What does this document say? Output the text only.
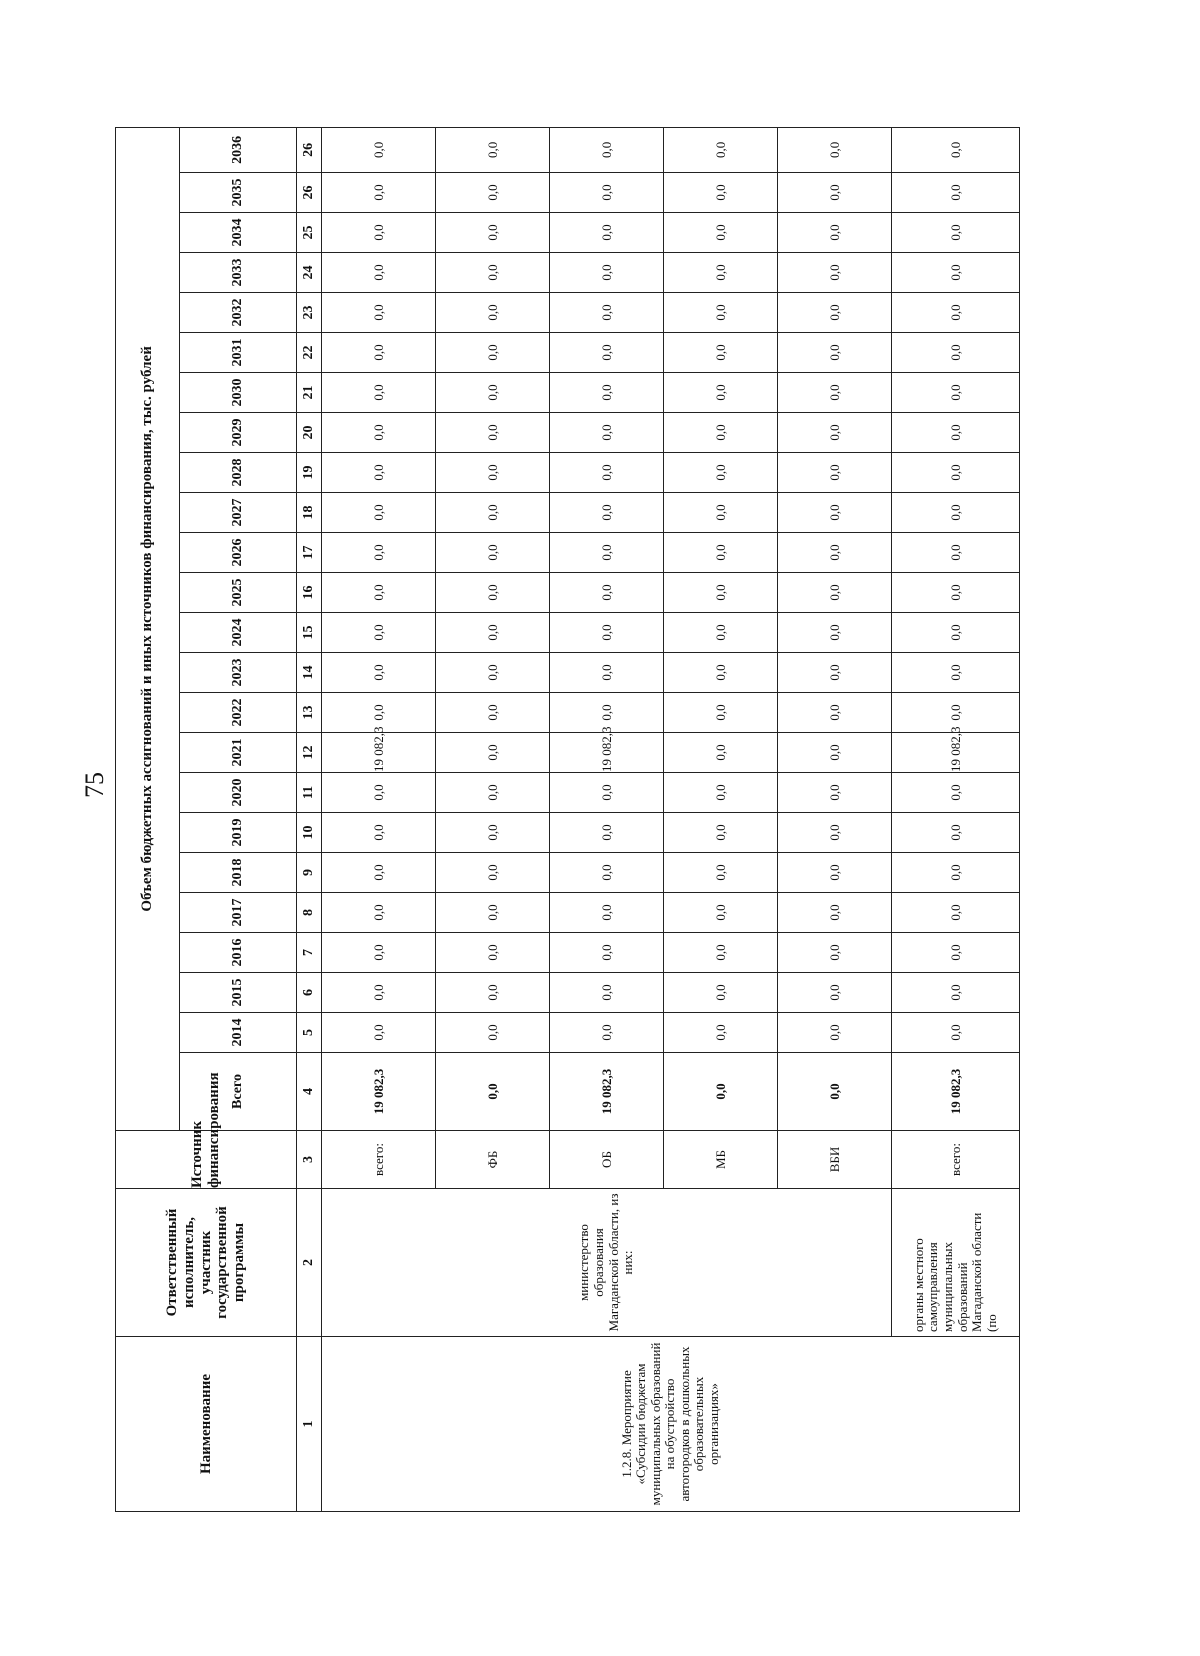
75
Наименование	Ответственный исполнитель, участник государственной программы	Источник финансирования	Объем бюджетных ассигнований и иных источников финансирования, тыс. рублей																							
			Всего	2014	2015	2016	2017	2018	2019	2020	2021	2022	2023	2024	2025	2026	2027	2028	2029	2030	2031	2032	2033	2034	2035	2036
1	2	3	4	5	6	7	8	9	10	11	12	13	14	15	16	17	18	19	20	21	22	23	24	25	26	26
1.2.8. Мероприятие «Субсидии бюджетам муниципальных образований на обустройство автогородков в дошкольных образовательных организациях»	министерство образования Магаданской области, из них:	всего:	19 082,3	0,0	0,0	0,0	0,0	0,0	0,0	0,0	19 082,3	0,0	0,0	0,0	0,0	0,0	0,0	0,0	0,0	0,0	0,0	0,0	0,0	0,0	0,0	0,0
		ФБ	0,0	0,0	0,0	0,0	0,0	0,0	0,0	0,0	0,0	0,0	0,0	0,0	0,0	0,0	0,0	0,0	0,0	0,0	0,0	0,0	0,0	0,0	0,0	0,0
		ОБ	19 082,3	0,0	0,0	0,0	0,0	0,0	0,0	0,0	19 082,3	0,0	0,0	0,0	0,0	0,0	0,0	0,0	0,0	0,0	0,0	0,0	0,0	0,0	0,0	0,0
		МБ	0,0	0,0	0,0	0,0	0,0	0,0	0,0	0,0	0,0	0,0	0,0	0,0	0,0	0,0	0,0	0,0	0,0	0,0	0,0	0,0	0,0	0,0	0,0	0,0
		ВБИ	0,0	0,0	0,0	0,0	0,0	0,0	0,0	0,0	0,0	0,0	0,0	0,0	0,0	0,0	0,0	0,0	0,0	0,0	0,0	0,0	0,0	0,0	0,0	0,0
	органы местного самоуправления муниципальных образований Магаданской области (по	всего:	19 082,3	0,0	0,0	0,0	0,0	0,0	0,0	0,0	19 082,3	0,0	0,0	0,0	0,0	0,0	0,0	0,0	0,0	0,0	0,0	0,0	0,0	0,0	0,0	0,0
